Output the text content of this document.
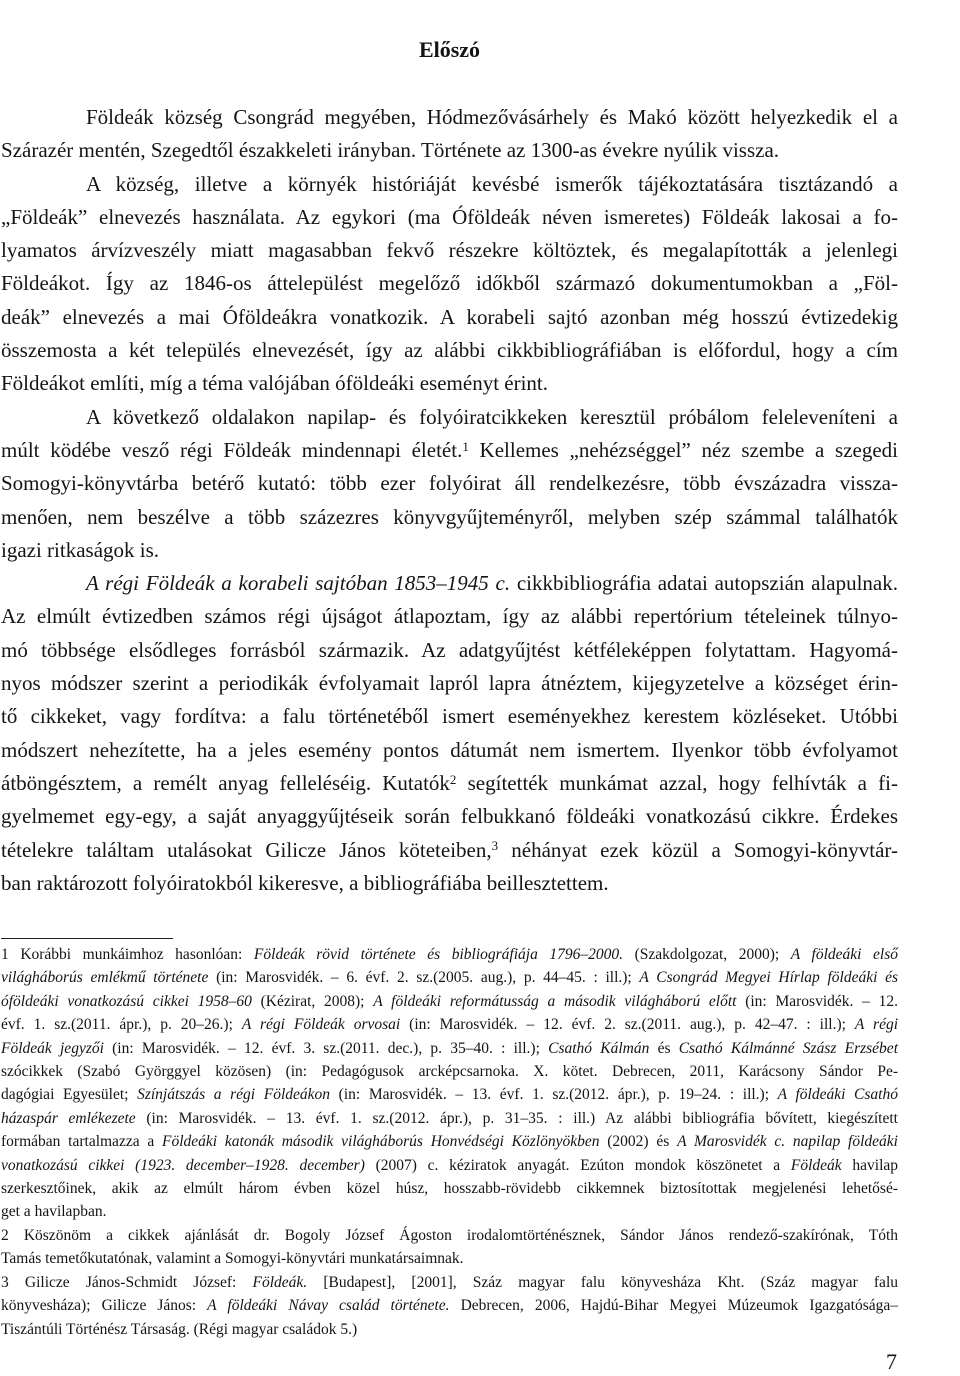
Előszó
Földeák község Csongrád megyében, Hódmezővásárhely és Makó között helyezkedik el a
Szárazér mentén, Szegedtől északkeleti irányban. Története az 1300-as évekre nyúlik vissza.
A község, illetve a környék históriáját kevésbé ismerők tájékoztatására tisztázandó a
„Földeák” elnevezés használata. Az egykori (ma Óföldeák néven ismeretes) Földeák lakosai a fo-
lyamatos árvízveszély miatt magasabban fekvő részekre költöztek, és megalapították a jelenlegi
Földeákot. Így az 1846-os áttelepülést megelőző időkből származó dokumentumokban a „Föl-
deák” elnevezés a mai Óföldeákra vonatkozik. A korabeli sajtó azonban még hosszú évtizedekig
összemosta a két település elnevezését, így az alábbi cikkbibliográfiában is előfordul, hogy a cím
Földeákot említi, míg a téma valójában óföldeáki eseményt érint.
A következő oldalakon napilap- és folyóiratcikkeken keresztül próbálom feleleveníteni a
múlt ködébe vesző régi Földeák mindennapi életét.$^1$ Kellemes „nehézséggel” néz szembe a szegedi
Somogyi-könyvtárba betérő kutató: több ezer folyóirat áll rendelkezésre, több évszázadra vissza-
menően, nem beszélve a több százezres könyvgyűjteményről, melyben szép számmal találhatók
igazi ritkaságok is.
A régi Földeák a korabeli sajtóban 1853–1945 c. cikkbibliográfia adatai autopszián alapulnak.
Az elmúlt évtizedben számos régi újságot átlapoztam, így az alábbi repertórium tételeinek túlnyo-
mó többsége elsődleges forrásból származik. Az adatgyűjtést kétféleképpen folytattam. Hagyomá-
nyos módszer szerint a periodikák évfolyamait lapról lapra átnéztem, kijegyzetelve a községet érin-
tő cikkeket, vagy fordítva: a falu történetéből ismert eseményekhez kerestem közléseket. Utóbbi
módszert nehezítette, ha a jeles esemény pontos dátumát nem ismertem. Ilyenkor több évfolyamot
átböngésztem, a remélt anyag felleléséig. Kutatók$^2$ segítették munkámat azzal, hogy felhívták a fi-
gyelmemet egy-egy, a saját anyaggyűjtéseik során felbukkanó földeáki vonatkozású cikkre. Érdekes
tételekre találtam utalásokat Gilicze János köteteiben,$^3$ néhányat ezek közül a Somogyi-könyvtár-
ban raktározott folyóiratokból kikeresve, a bibliográfiába beillesztettem.
1 Korábbi munkáimhoz hasonlóan: Földeák rövid története és bibliográfiája 1796–2000. (Szakdolgozat, 2000); A földeáki első
világháborús emlékmű története (in: Marosvidék. – 6. évf. 2. sz.(2005. aug.), p. 44–45. : ill.); A Csongrád Megyei Hírlap földeáki és
óföldeáki vonatkozású cikkei 1958–60 (Kézirat, 2008); A földeáki reformátusság a második világháború előtt (in: Marosvidék. – 12.
évf. 1. sz.(2011. ápr.), p. 20–26.); A régi Földeák orvosai (in: Marosvidék. – 12. évf. 2. sz.(2011. aug.), p. 42–47. : ill.); A régi
Földeák jegyzői (in: Marosvidék. – 12. évf. 3. sz.(2011. dec.), p. 35–40. : ill.); Csathó Kálmán és Csathó Kálmánné Szász Erzsébet
szócikkek (Szabó Györggyel közösen) (in: Pedagógusok arcképcsarnoka. X. kötet. Debrecen, 2011, Karácsony Sándor Pe-
dagógiai Egyesület; Színjátszás a régi Földeákon (in: Marosvidék. – 13. évf. 1. sz.(2012. ápr.), p. 19–24. : ill.); A földeáki Csathó
házaspár emlékezete (in: Marosvidék. – 13. évf. 1. sz.(2012. ápr.), p. 31–35. : ill.) Az alábbi bibliográfia bővített, kiegészített
formában tartalmazza a Földeáki katonák második világháborús Honvédségi Közlönyökben (2002) és A Marosvidék c. napilap földeáki
vonatkozású cikkei (1923. december–1928. december) (2007) c. kéziratok anyagát. Ezúton mondok köszönetet a Földeák havilap
szerkesztőinek, akik az elmúlt három évben közel húsz, hosszabb-rövidebb cikkemnek biztosítottak megjelenési lehetősé-
get a havilapban.
2 Köszönöm a cikkek ajánlását dr. Bogoly József Ágoston irodalomtörténésznek, Sándor János rendező-szakírónak, Tóth
Tamás temetőkutatónak, valamint a Somogyi-könyvtári munkatársaimnak.
3 Gilicze János-Schmidt József: Földeák. [Budapest], [2001], Száz magyar falu könyvesháza Kht. (Száz magyar falu
könyvesháza); Gilicze János: A földeáki Návay család története. Debrecen, 2006, Hajdú-Bihar Megyei Múzeumok Igazgatósága–
Tiszántúli Történész Társaság. (Régi magyar családok 5.)
7
